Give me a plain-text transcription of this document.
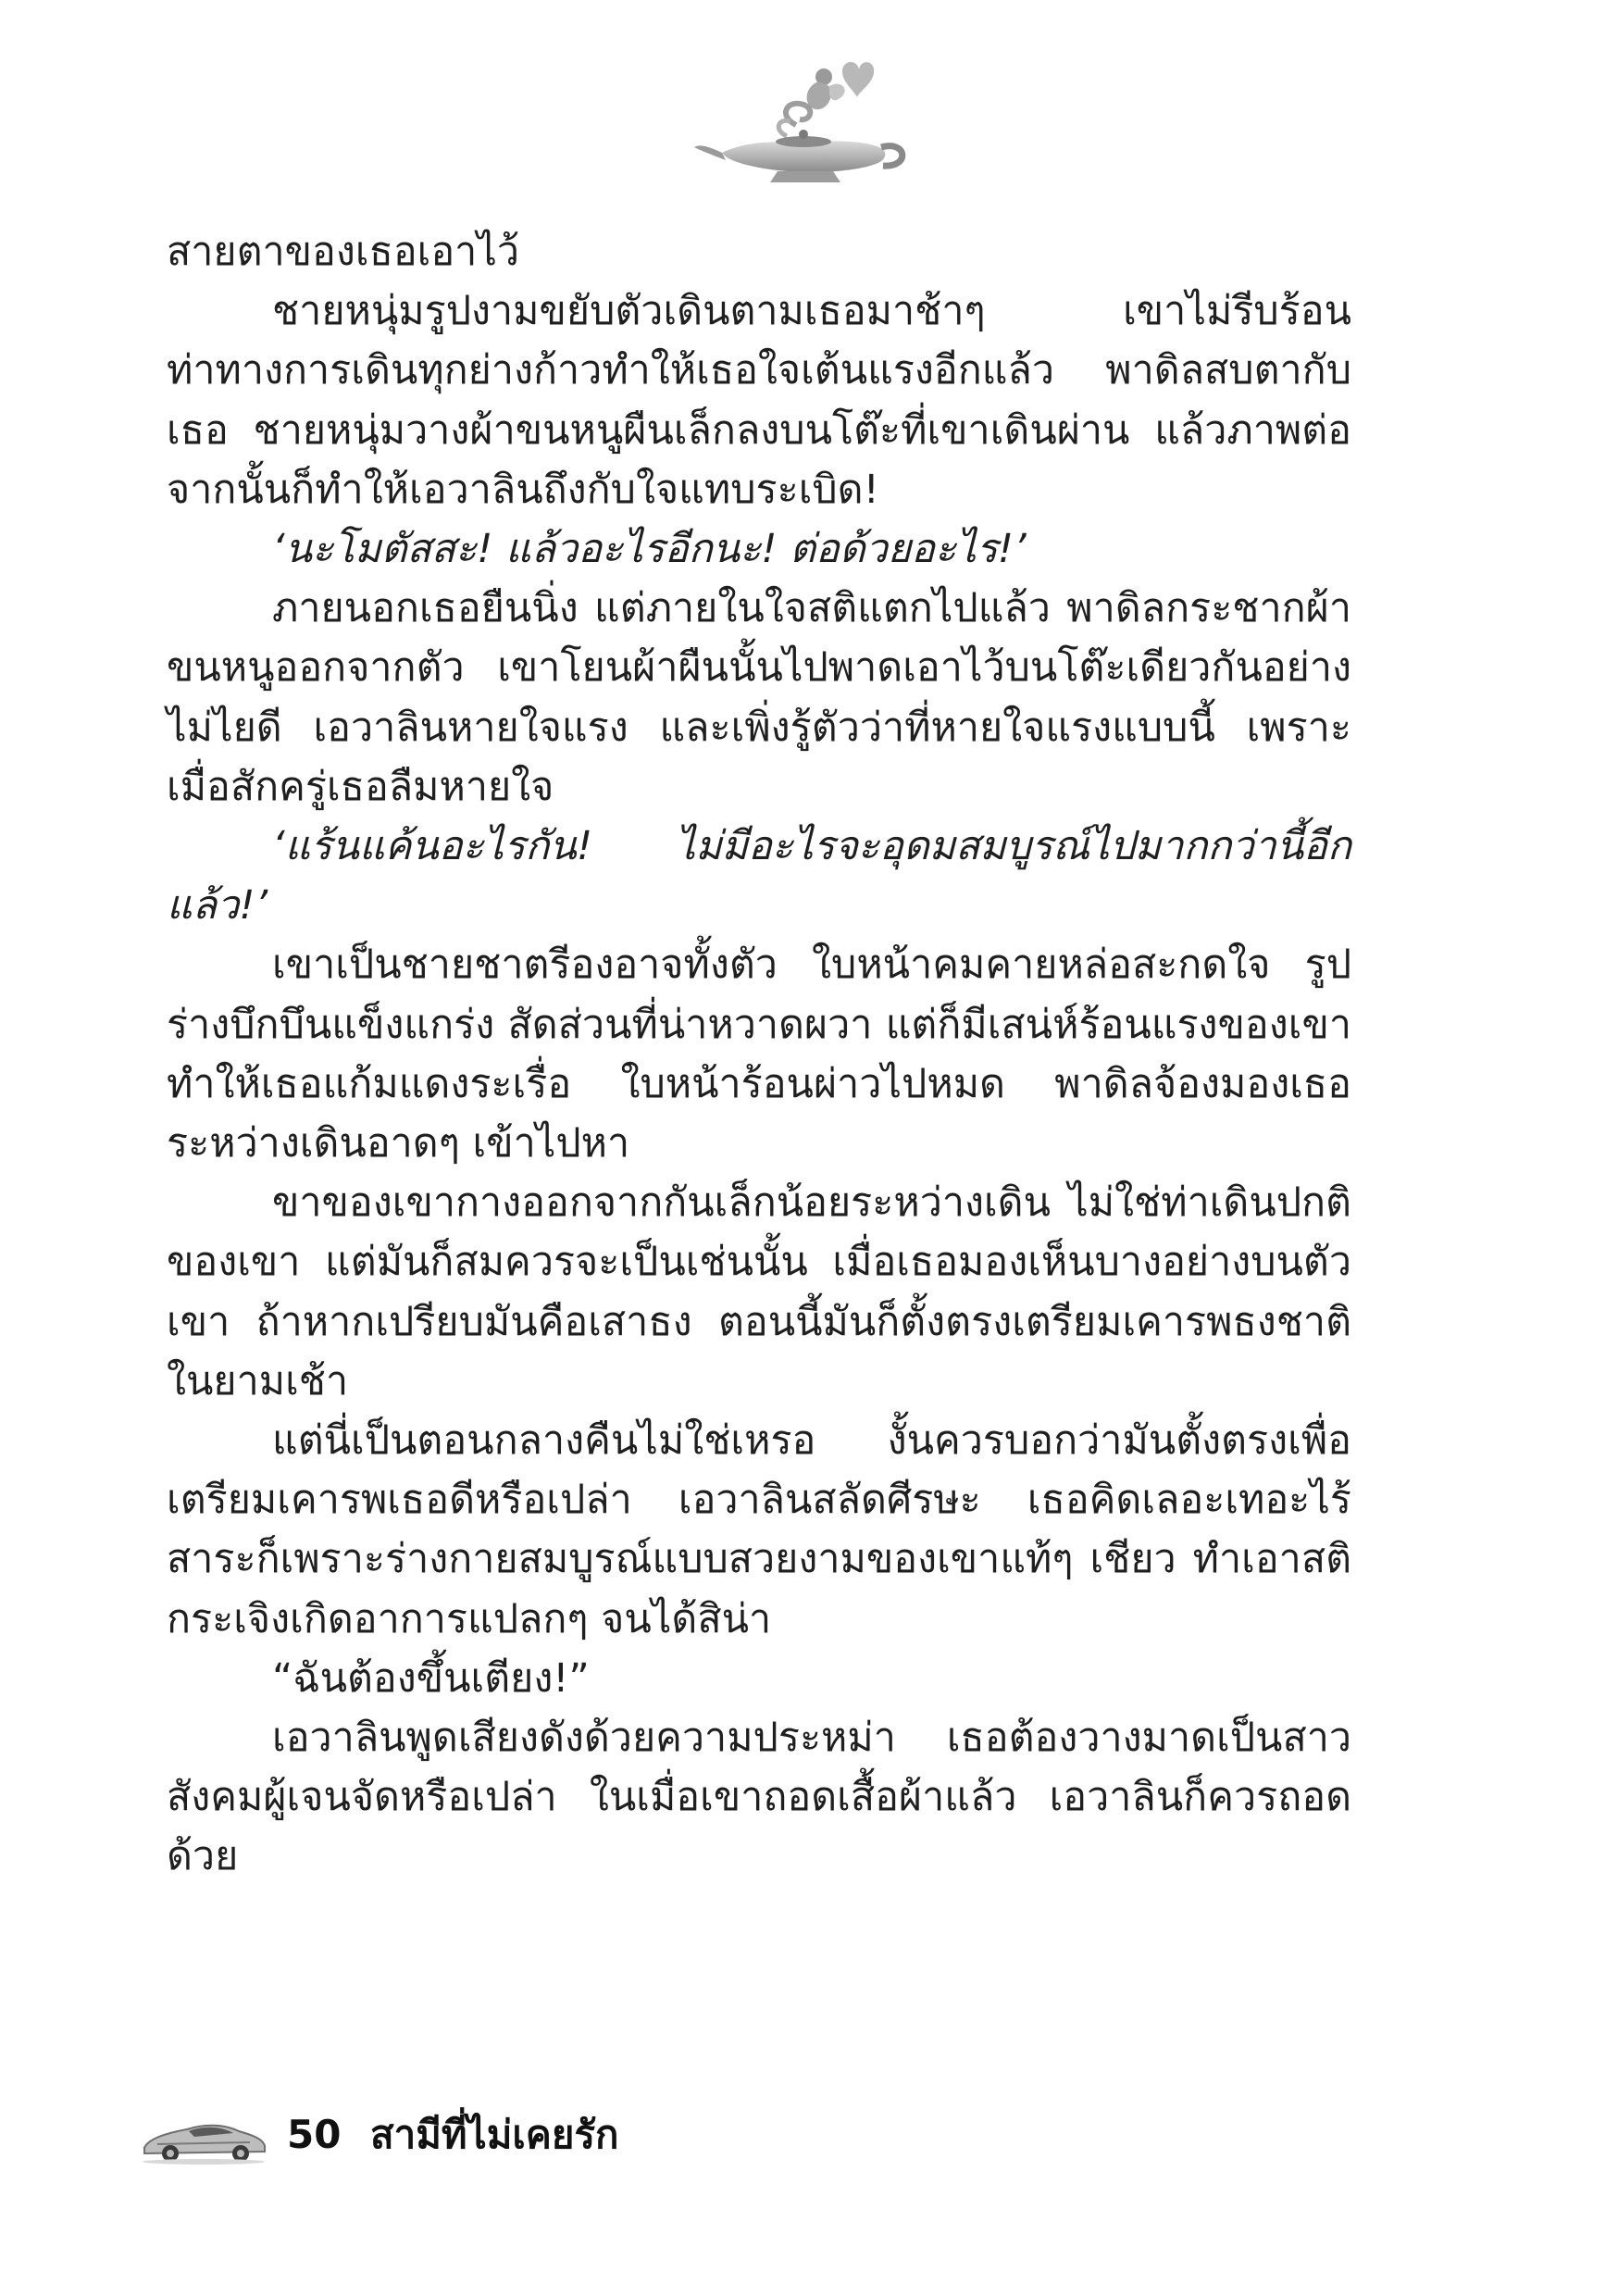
สายตาของเธอเอาไว้

ชายหนุ่มรูปงามขยับตัวเดินตามเธอมาช้าๆ เขาไม่รีบร้อน ท่าทางการเดินทุกย่างก้าวทำให้เธอใจเต้นแรงอีกแล้ว พาดิลสบตากับเธอ ชายหนุ่มวางผ้าขนหนูผืนเล็กลงบนโต๊ะที่เขาเดินผ่าน แล้วภาพต่อจากนั้นก็ทำให้เอวาลินถึงกับใจแทบระเบิด!

‘นะโมตัสสะ! แล้วอะไรอีกนะ! ต่อด้วยอะไร!’

ภายนอกเธอยืนนิ่ง แต่ภายในใจสติแตกไปแล้ว พาดิลกระชากผ้าขนหนูออกจากตัว เขาโยนผ้าผืนนั้นไปพาดเอาไว้บนโต๊ะเดียวกันอย่างไม่ไยดี เอวาลินหายใจแรง และเพิ่งรู้ตัวว่าที่หายใจแรงแบบนี้ เพราะเมื่อสักครู่เธอลืมหายใจ

‘แร้นแค้นอะไรกัน! ไม่มีอะไรจะอุดมสมบูรณ์ไปมากกว่านี้อีกแล้ว!’

เขาเป็นชายชาตรีองอาจทั้งตัว ใบหน้าคมคายหล่อสะกดใจ รูปร่างบึกบึนแข็งแกร่ง สัดส่วนที่น่าหวาดผวา แต่ก็มีเสน่ห์ร้อนแรงของเขา ทำให้เธอแก้มแดงระเรื่อ ใบหน้าร้อนผ่าวไปหมด พาดิลจ้องมองเธอ ระหว่างเดินอาดๆ เข้าไปหา

ขาของเขากางออกจากกันเล็กน้อยระหว่างเดิน ไม่ใช่ท่าเดินปกติของเขา แต่มันก็สมควรจะเป็นเช่นนั้น เมื่อเธอมองเห็นบางอย่างบนตัวเขา ถ้าหากเปรียบมันคือเสาธง ตอนนี้มันก็ตั้งตรงเตรียมเคารพธงชาติในยามเช้า

แต่นี่เป็นตอนกลางคืนไม่ใช่เหรอ งั้นควรบอกว่ามันตั้งตรงเพื่อเตรียมเคารพเธอดีหรือเปล่า เอวาลินสลัดศีรษะ เธอคิดเลอะเทอะไร้สาระก็เพราะร่างกายสมบูรณ์แบบสวยงามของเขาแท้ๆ เชียว ทำเอาสติกระเจิงเกิดอาการแปลกๆ จนได้สิน่า

“ฉันต้องขึ้นเตียง!”

เอวาลินพูดเสียงดังด้วยความประหม่า เธอต้องวางมาดเป็นสาวสังคมผู้เจนจัดหรือเปล่า ในเมื่อเขาถอดเสื้อผ้าแล้ว เอวาลินก็ควรถอดด้วย

50 สามีที่ไม่เคยรัก
